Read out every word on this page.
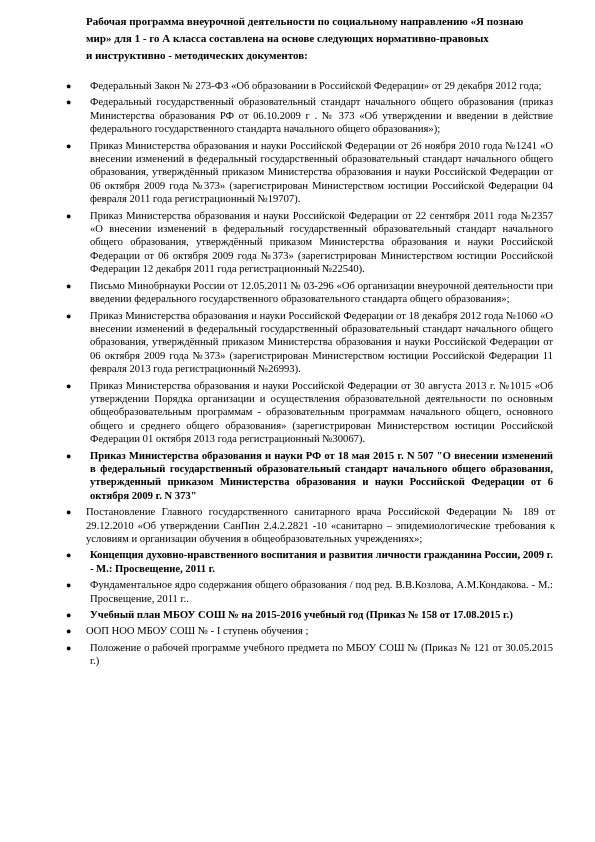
Рабочая программа внеурочной деятельности по социальному направлению «Я познаю
мир» для 1 - го А класса составлена на основе следующих нормативно-правовых
и инструктивно - методических документов:
● Федеральный Закон № 273-ФЗ «Об образовании в Российской Федерации» от 29 декабря 2012 года;
● Федеральный государственный образовательный стандарт начального общего образования (приказ Министерства образования РФ от 06.10.2009 г . № 373 «Об утверждении и введении в действие федерального государственного стандарта начального общего образования»);
● Приказ Министерства образования и науки Российской Федерации от 26 ноября 2010 года №1241 «О внесении изменений в федеральный государственный образовательный стандарт начального общего образования, утверждённый приказом Министерства образования и науки Российской Федерации от 06 октября 2009 года №373» (зарегистрирован Министерством юстиции Российской Федерации 04 февраля 2011 года регистрационный №19707).
● Приказ Министерства образования и науки Российской Федерации от 22 сентября 2011 года №2357 «О внесении изменений в федеральный государственный образовательный стандарт начального общего образования, утверждённый приказом Министерства образования и науки Российской Федерации от 06 октября 2009 года №373» (зарегистрирован Министерством юстиции Российской Федерации 12 декабря 2011 года регистрационный №22540).
● Письмо Минобрнауки России от 12.05.2011 № 03-296 «Об организации внеурочной деятельности при введении федерального государственного образовательного стандарта общего образования»;
● Приказ Министерства образования и науки Российской Федерации от 18 декабря 2012 года №1060 «О внесении изменений в федеральный государственный образовательный стандарт начального общего образования, утверждённый приказом Министерства образования и науки Российской Федерации от 06 октября 2009 года №373» (зарегистрирован Министерством юстиции Российской Федерации 11 февраля 2013 года регистрационный №26993).
● Приказ Министерства образования и науки Российской Федерации от 30 августа 2013 г. №1015 «Об утверждении Порядка организации и осуществления образовательной деятельности по основным общеобразовательным программам - образовательным программам начального общего, основного общего и среднего общего образования» (зарегистрирован Министерством юстиции Российской Федерации 01 октября 2013 года регистрационный №30067).
● Приказ Министерства образования и науки РФ от 18 мая 2015 г. N 507 "О внесении изменений в федеральный государственный образовательный стандарт начального общего образования, утвержденный приказом Министерства образования и науки Российской Федерации от 6 октября 2009 г. N 373"
● Постановление Главного государственного санитарного врача Российской Федерации № 189 от 29.12.2010 «Об утверждении СанПин 2.4.2.2821 -10 «санитарно – эпидемиологические требования к условиям и организации обучения в общеобразовательных учреждениях»;
● Концепция духовно-нравственного воспитания и развития личности гражданина России, 2009 г. - М.: Просвещение, 2011 г.
● Фундаментальное ядро содержания общего образования / под ред. В.В.Козлова, А.М.Кондакова. - М.: Просвещение, 2011 г..
● Учебный план МБОУ СОШ № на 2015-2016 учебный год (Приказ № 158 от 17.08.2015 г.)
● ООП НОО МБОУ СОШ № - I ступень обучения ;
● Положение о рабочей программе учебного предмета по МБОУ СОШ № (Приказ № 121 от 30.05.2015 г.)
